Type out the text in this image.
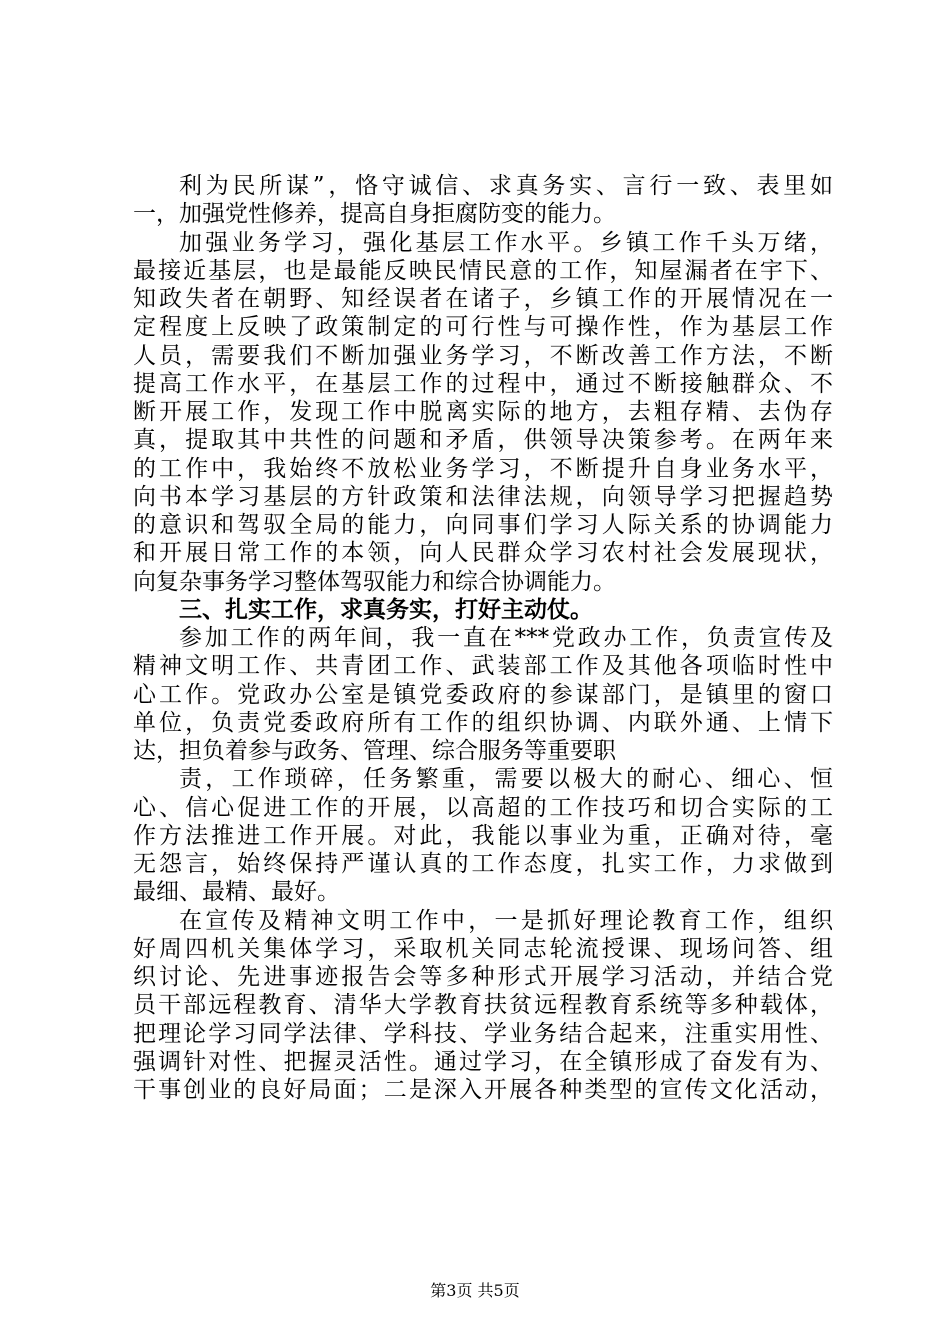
利为民所谋”，恪守诚信、求真务实、言行一致、表里如
一，加强党性修养，提高自身拒腐防变的能力。
加强业务学习，强化基层工作水平。乡镇工作千头万绪，
最接近基层，也是最能反映民情民意的工作，知屋漏者在宇下、
知政失者在朝野、知经误者在诸子，乡镇工作的开展情况在一
定程度上反映了政策制定的可行性与可操作性，作为基层工作
人员，需要我们不断加强业务学习，不断改善工作方法，不断
提高工作水平，在基层工作的过程中，通过不断接触群众、不
断开展工作，发现工作中脱离实际的地方，去粗存精、去伪存
真，提取其中共性的问题和矛盾，供领导决策参考。在两年来
的工作中，我始终不放松业务学习，不断提升自身业务水平，
向书本学习基层的方针政策和法律法规，向领导学习把握趋势
的意识和驾驭全局的能力，向同事们学习人际关系的协调能力
和开展日常工作的本领，向人民群众学习农村社会发展现状，
向复杂事务学习整体驾驭能力和综合协调能力。
三、扎实工作，求真务实，打好主动仗。
参加工作的两年间，我一直在***党政办工作，负责宣传及
精神文明工作、共青团工作、武装部工作及其他各项临时性中
心工作。党政办公室是镇党委政府的参谋部门，是镇里的窗口
单位，负责党委政府所有工作的组织协调、内联外通、上情下
达，担负着参与政务、管理、综合服务等重要职
责，工作琐碎，任务繁重，需要以极大的耐心、细心、恒
心、信心促进工作的开展，以高超的工作技巧和切合实际的工
作方法推进工作开展。对此，我能以事业为重，正确对待，毫
无怨言，始终保持严谨认真的工作态度，扎实工作，力求做到
最细、最精、最好。
在宣传及精神文明工作中，一是抓好理论教育工作，组织
好周四机关集体学习，采取机关同志轮流授课、现场问答、组
织讨论、先进事迹报告会等多种形式开展学习活动，并结合党
员干部远程教育、清华大学教育扶贫远程教育系统等多种载体，
把理论学习同学法律、学科技、学业务结合起来，注重实用性、
强调针对性、把握灵活性。通过学习，在全镇形成了奋发有为、
干事创业的良好局面；二是深入开展各种类型的宣传文化活动，
第3页 共5页
